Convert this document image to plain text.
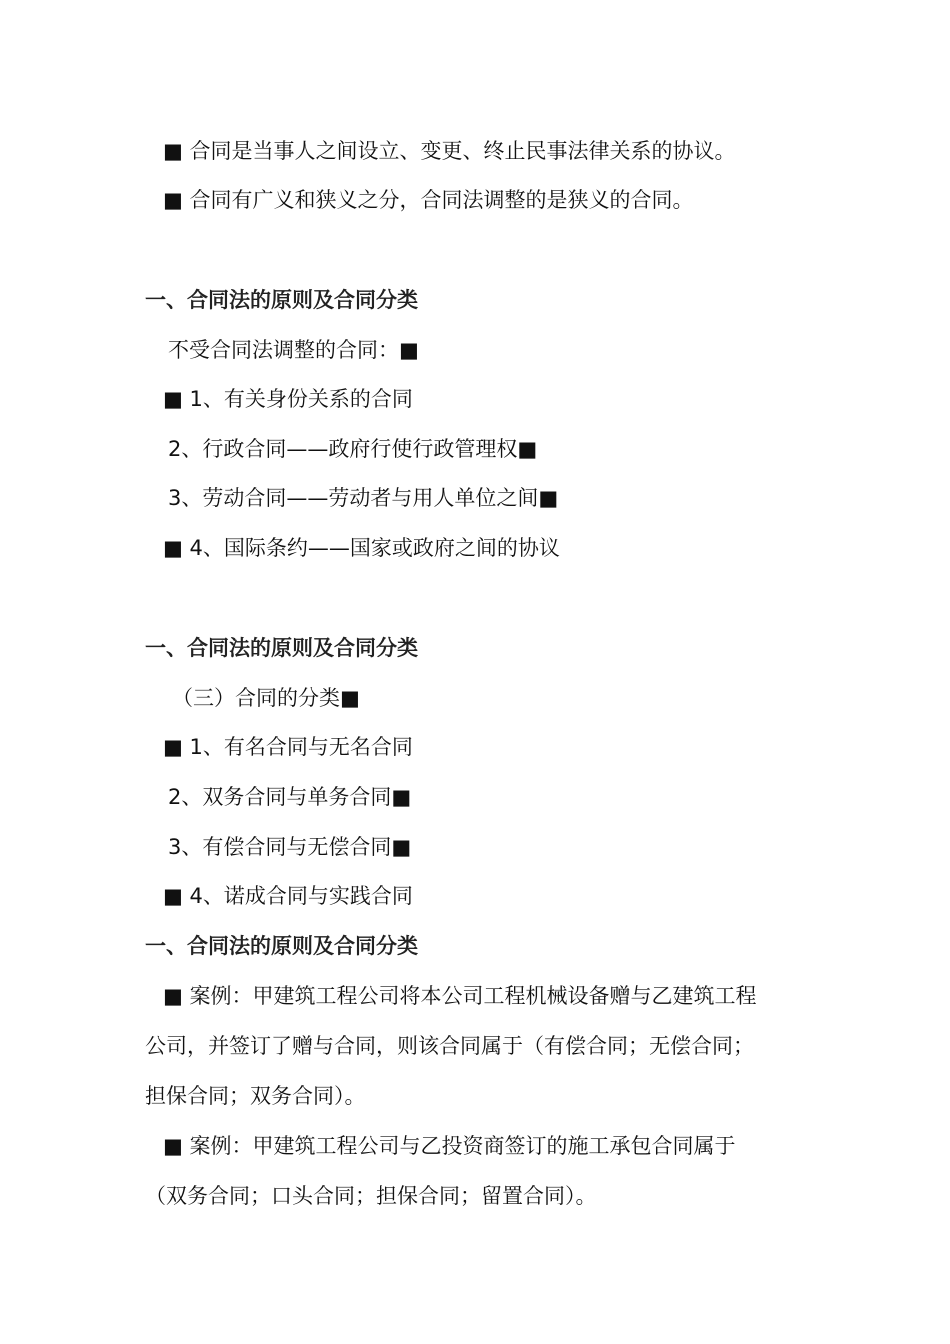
■ 合同是当事人之间设立、变更、终止民事法律关系的协议。
■ 合同有广义和狭义之分，合同法调整的是狭义的合同。
一、合同法的原则及合同分类
不受合同法调整的合同：■
■ 1、有关身份关系的合同
2、行政合同——政府行使行政管理权■
3、劳动合同——劳动者与用人单位之间■
■ 4、国际条约——国家或政府之间的协议
一、合同法的原则及合同分类
（三）合同的分类■
■ 1、有名合同与无名合同
2、双务合同与单务合同■
3、有偿合同与无偿合同■
■ 4、诺成合同与实践合同
一、合同法的原则及合同分类
■ 案例：甲建筑工程公司将本公司工程机械设备赠与乙建筑工程
公司，并签订了赠与合同，则该合同属于（有偿合同；无偿合同；
担保合同；双务合同）。
■ 案例：甲建筑工程公司与乙投资商签订的施工承包合同属于
（双务合同；口头合同；担保合同；留置合同）。
